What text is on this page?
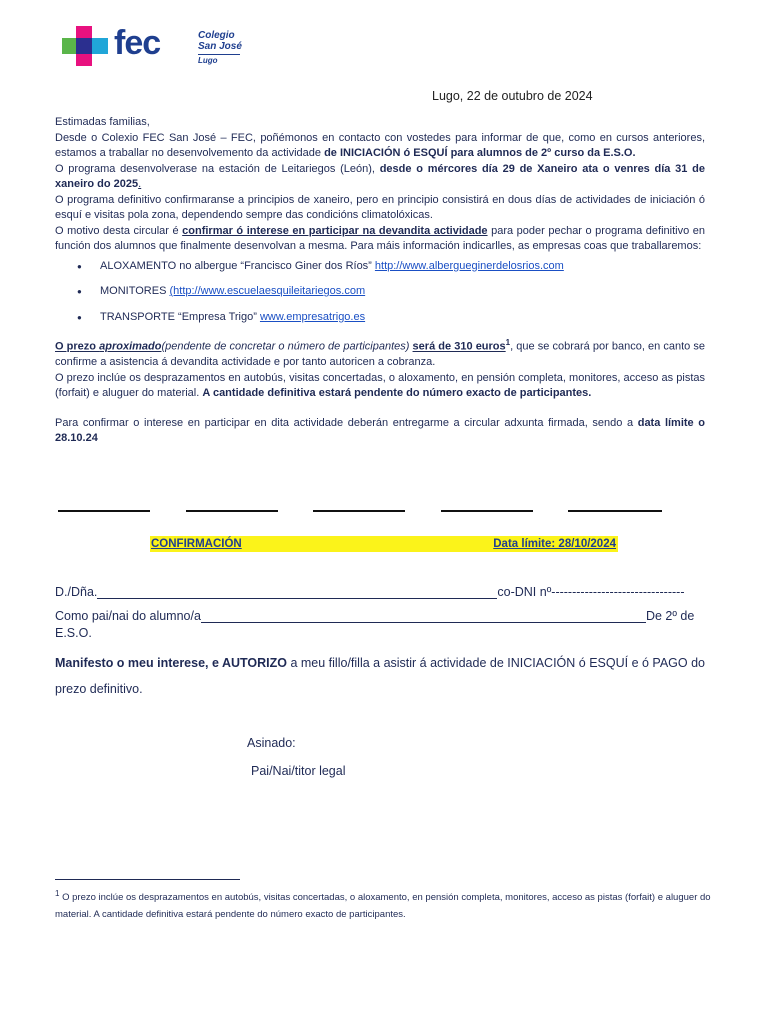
fec	Colegio
San José
Lugo
Lugo, 22 de outubro de 2024

Estimadas familias,

Desde o Colexio FEC San José – FEC, poñémonos en contacto con vostedes para informar de que, como en cursos anteriores, estamos a traballar no desenvolvemento da actividade de INICIACIÓN ó ESQUÍ para alumnos de 2º curso da E.S.O.

O programa desenvolverase na estación de Leitariegos (León), desde o mércores día 29 de Xaneiro ata o venres día 31 de xaneiro do 2025.

O programa definitivo confirmaranse a principios de xaneiro, pero en principio consistirá en dous días de actividades de iniciación ó esquí e visitas pola zona, dependendo sempre das condicións climatolóxicas.

O motivo desta circular é confirmar ó interese en participar na devandita actividade para poder pechar o programa definitivo en función dos alumnos que finalmente desenvolvan a mesma. Para máis información indicarlles, as empresas coas que traballaremos:

● ALOXAMENTO no albergue “Francisco Giner dos Ríos” http://www.albergueginerdelosrios.com
● MONITORES (http://www.escuelaesquileitariegos.com
● TRANSPORTE “Empresa Trigo” www.empresatrigo.es

O prezo aproximado(pendente de concretar o número de participantes) será de 310 euros$^1$, que se cobrará por banco, en canto se confirme a asistencia á devandita actividade e por tanto autoricen a cobranza.

O prezo inclúe os desprazamentos en autobús, visitas concertadas, o aloxamento, en pensión completa, monitores, acceso as pistas (forfait) e aluguer do material. A cantidade definitiva estará pendente do número exacto de participantes.

Para confirmar o interese en participar en dita actividade deberán entregarme a circular adxunta firmada, sendo a data límite o 28.10.24

CONFIRMACIÓN	Data límite: 28/10/2024
D./Dña.	co-DNI nº --------------------------------
Como pai/nai do alumno/a	De 2º de
E.S.O.
Manifesto o meu interese, e AUTORIZO a meu fillo/filla a asistir á actividade de INICIACIÓN ó ESQUÍ e ó PAGO do prezo definitivo.
Asinado:
Pai/Nai/titor legal
$^1$ O prezo inclúe os desprazamentos en autobús, visitas concertadas, o aloxamento, en pensión completa, monitores, acceso as pistas (forfait) e aluguer do material. A cantidade definitiva estará pendente do número exacto de participantes.
